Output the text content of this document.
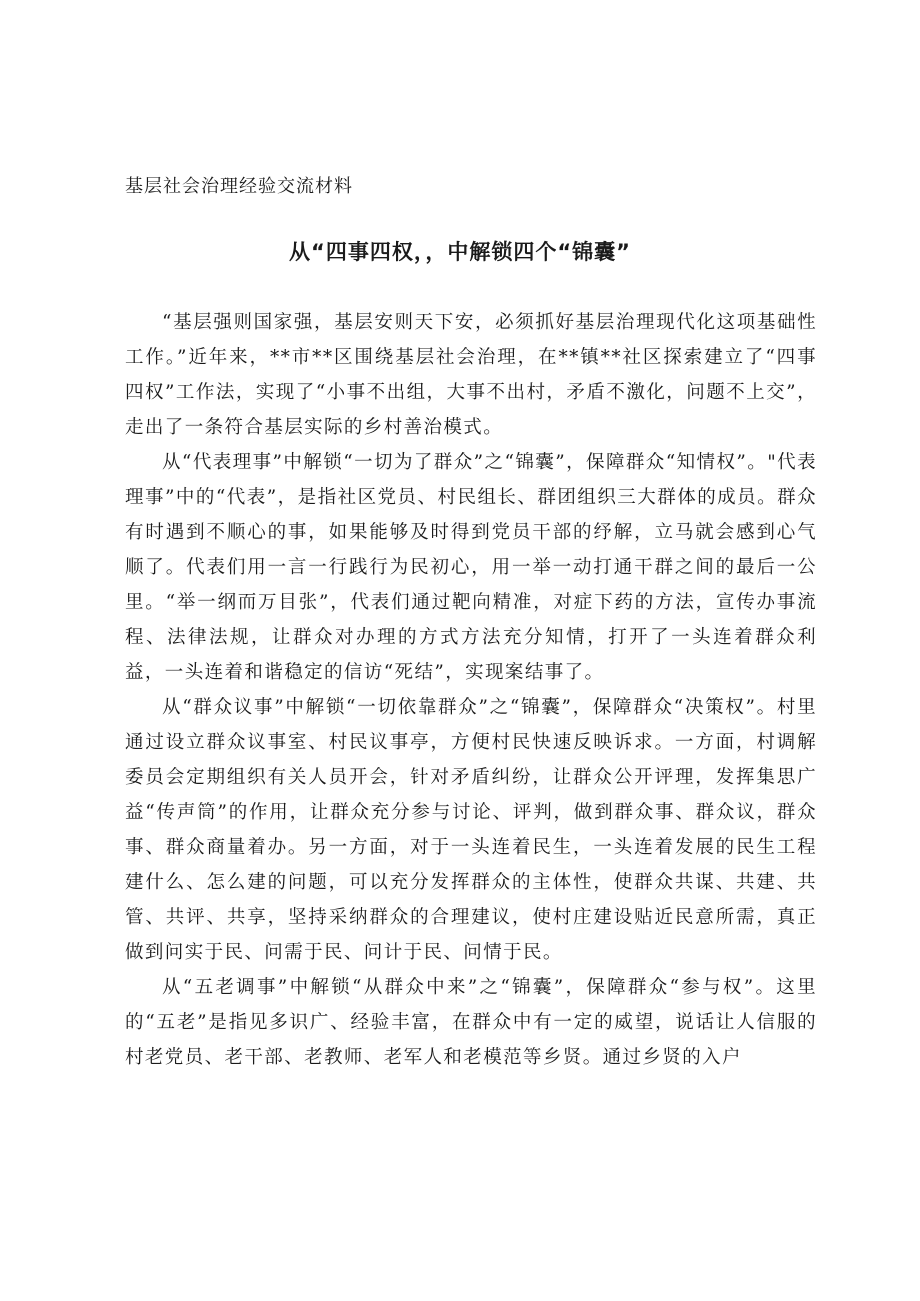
基层社会治理经验交流材料
从“四事四权，，中解锁四个“锦囊”

“基层强则国家强，基层安则天下安，必须抓好基层治理现代化这项基础性工作。”近年来，**市**区围绕基层社会治理，在**镇**社区探索建立了“四事四权”工作法，实现了“小事不出组，大事不出村，矛盾不激化，问题不上交”，走出了一条符合基层实际的乡村善治模式。

从“代表理事”中解锁“一切为了群众”之“锦囊”，保障群众“知情权”。"代表理事”中的“代表”，是指社区党员、村民组长、群团组织三大群体的成员。群众有时遇到不顺心的事，如果能够及时得到党员干部的纾解，立马就会感到心气顺了。代表们用一言一行践行为民初心，用一举一动打通干群之间的最后一公里。“举一纲而万目张”，代表们通过靶向精准，对症下药的方法，宣传办事流程、法律法规，让群众对办理的方式方法充分知情，打开了一头连着群众利益，一头连着和谐稳定的信访“死结”，实现案结事了。

从“群众议事”中解锁“一切依靠群众”之“锦囊”，保障群众“决策权”。村里通过设立群众议事室、村民议事亭，方便村民快速反映诉求。一方面，村调解委员会定期组织有关人员开会，针对矛盾纠纷，让群众公开评理，发挥集思广益“传声筒”的作用，让群众充分参与讨论、评判，做到群众事、群众议，群众事、群众商量着办。另一方面，对于一头连着民生，一头连着发展的民生工程建什么、怎么建的问题，可以充分发挥群众的主体性，使群众共谋、共建、共管、共评、共享，坚持采纳群众的合理建议，使村庄建设贴近民意所需，真正做到问实于民、问需于民、问计于民、问情于民。

从“五老调事”中解锁“从群众中来”之“锦囊”，保障群众“参与权”。这里的“五老”是指见多识广、经验丰富，在群众中有一定的威望，说话让人信服的村老党员、老干部、老教师、老军人和老模范等乡贤。通过乡贤的入户
